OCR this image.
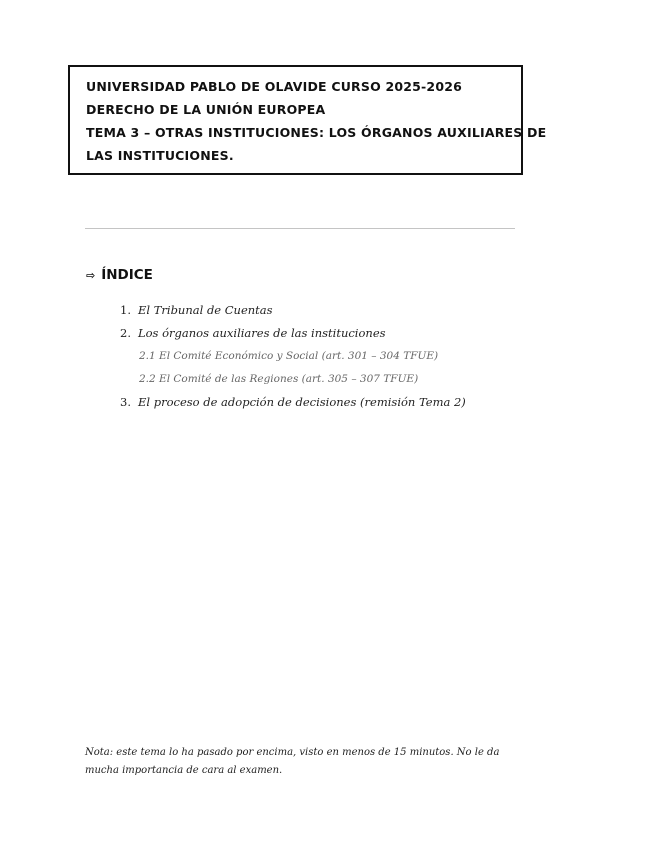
UNIVERSIDAD PABLO DE OLAVIDE CURSO 2025-2026
DERECHO DE LA UNIÓN EUROPEA
TEMA 3 – OTRAS INSTITUCIONES: LOS ÓRGANOS AUXILIARES DE
LAS INSTITUCIONES.
⇨ ÍNDICE
1. El Tribunal de Cuentas
2. Los órganos auxiliares de las instituciones
2.1 El Comité Económico y Social (art. 301 – 304 TFUE)
2.2 El Comité de las Regiones (art. 305 – 307 TFUE)
3. El proceso de adopción de decisiones (remisión Tema 2)
Nota: este tema lo ha pasado por encima, visto en menos de 15 minutos. No le da
mucha importancia de cara al examen.
